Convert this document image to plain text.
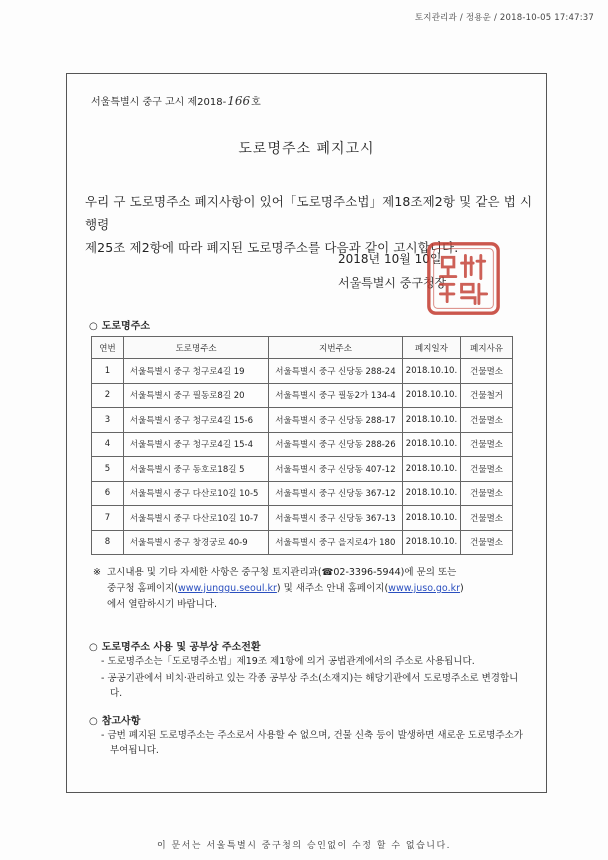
토지관리과 / 정용운 / 2018-10-05 17:47:37
서울특별시 중구 고시 제2018-166호
도로명주소 폐지고시
우리 구 도로명주소 폐지사항이 있어「도로명주소법」제18조제2항 및 같은 법 시행령
제25조 제2항에 따라 폐지된 도로명주소를 다음과 같이 고시합니다.
2018년 10월 10일
서울특별시 중구청장
○ 도로명주소
연번	도로명주소	지번주소	폐지일자	폐지사유
1	서울특별시 중구 청구로4길 19	서울특별시 중구 신당동 288-24	2018.10.10.	건물멸소
2	서울특별시 중구 필동로8길 20	서울특별시 중구 필동2가 134-4	2018.10.10.	건물철거
3	서울특별시 중구 청구로4길 15-6	서울특별시 중구 신당동 288-17	2018.10.10.	건물멸소
4	서울특별시 중구 청구로4길 15-4	서울특별시 중구 신당동 288-26	2018.10.10.	건물멸소
5	서울특별시 중구 동호로18길 5	서울특별시 중구 신당동 407-12	2018.10.10.	건물멸소
6	서울특별시 중구 다산로10길 10-5	서울특별시 중구 신당동 367-12	2018.10.10.	건물멸소
7	서울특별시 중구 다산로10길 10-7	서울특별시 중구 신당동 367-13	2018.10.10.	건물멸소
8	서울특별시 중구 창경궁로 40-9	서울특별시 중구 을지로4가 180	2018.10.10.	건물멸소
※ 고시내용 및 기타 자세한 사항은 중구청 토지관리과(☎02-3396-5944)에 문의 또는
중구청 홈페이지(www.junggu.seoul.kr) 및 새주소 안내 홈페이지(www.juso.go.kr)
에서 열람하시기 바랍니다.
○ 도로명주소 사용 및 공부상 주소전환
- 도로명주소는「도로명주소법」제19조 제1항에 의거 공법관계에서의 주소로 사용됩니다.
- 공공기관에서 비치·관리하고 있는 각종 공부상 주소(소재지)는 해당기관에서 도로명주소로 변경합니다.
○ 참고사항
- 금번 폐지된 도로명주소는 주소로서 사용할 수 없으며, 건물 신축 등이 발생하면 새로운 도로명주소가 부여됩니다.
이 문서는 서울특별시 중구청의 승인없이 수정 할 수 없습니다.
